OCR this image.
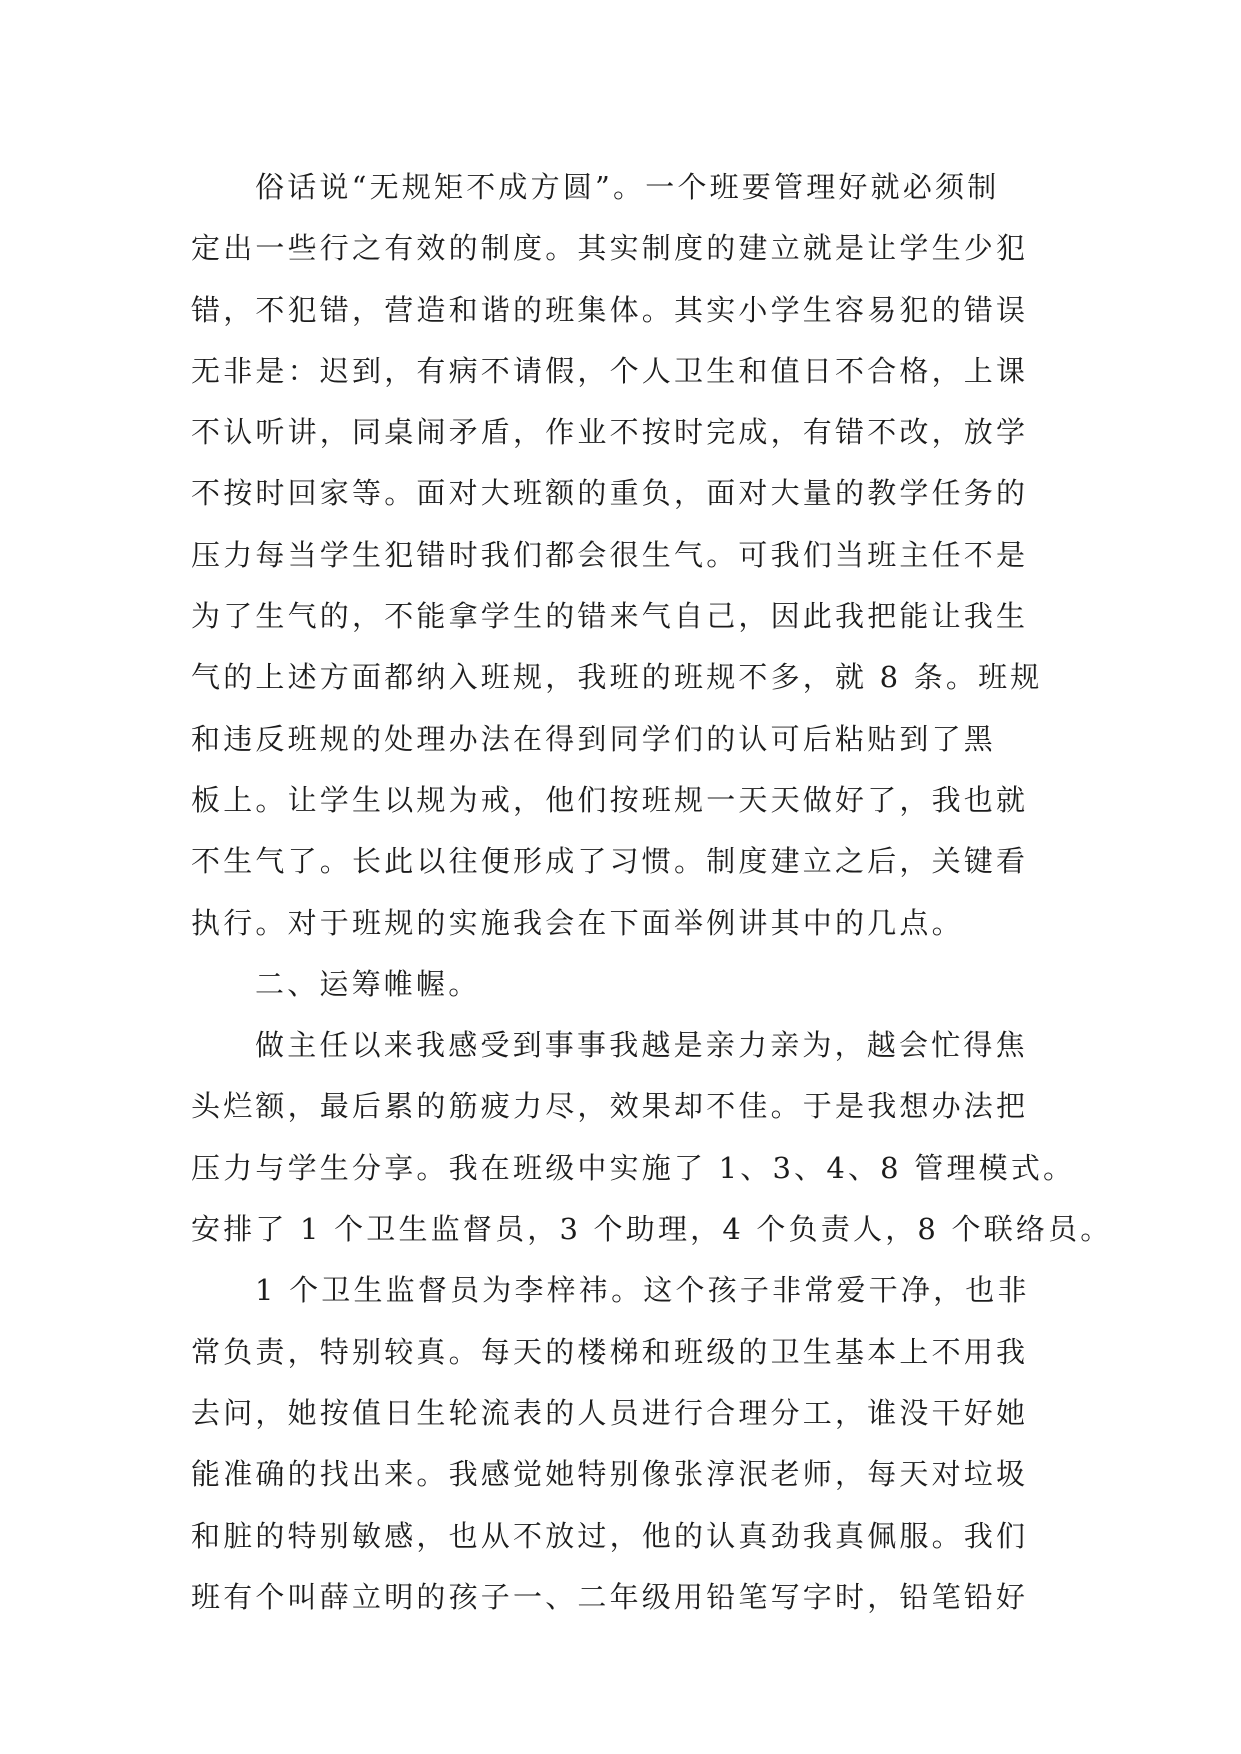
俗话说“无规矩不成方圆”。一个班要管理好就必须制
定出一些行之有效的制度。其实制度的建立就是让学生少犯
错，不犯错，营造和谐的班集体。其实小学生容易犯的错误
无非是：迟到，有病不请假，个人卫生和值日不合格，上课
不认听讲，同桌闹矛盾，作业不按时完成，有错不改，放学
不按时回家等。面对大班额的重负，面对大量的教学任务的
压力每当学生犯错时我们都会很生气。可我们当班主任不是
为了生气的，不能拿学生的错来气自己，因此我把能让我生
气的上述方面都纳入班规，我班的班规不多，就 8 条。班规
和违反班规的处理办法在得到同学们的认可后粘贴到了黑
板上。让学生以规为戒，他们按班规一天天做好了，我也就
不生气了。长此以往便形成了习惯。制度建立之后，关键看
执行。对于班规的实施我会在下面举例讲其中的几点。
二、运筹帷幄。
做主任以来我感受到事事我越是亲力亲为，越会忙得焦
头烂额，最后累的筋疲力尽，效果却不佳。于是我想办法把
压力与学生分享。我在班级中实施了 1、3、4、8 管理模式。
安排了 1 个卫生监督员，3 个助理，4 个负责人，8 个联络员。
1 个卫生监督员为李梓祎。这个孩子非常爱干净，也非
常负责，特别较真。每天的楼梯和班级的卫生基本上不用我
去问，她按值日生轮流表的人员进行合理分工，谁没干好她
能准确的找出来。我感觉她特别像张淳泯老师，每天对垃圾
和脏的特别敏感，也从不放过，他的认真劲我真佩服。我们
班有个叫薛立明的孩子一、二年级用铅笔写字时，铅笔铅好
